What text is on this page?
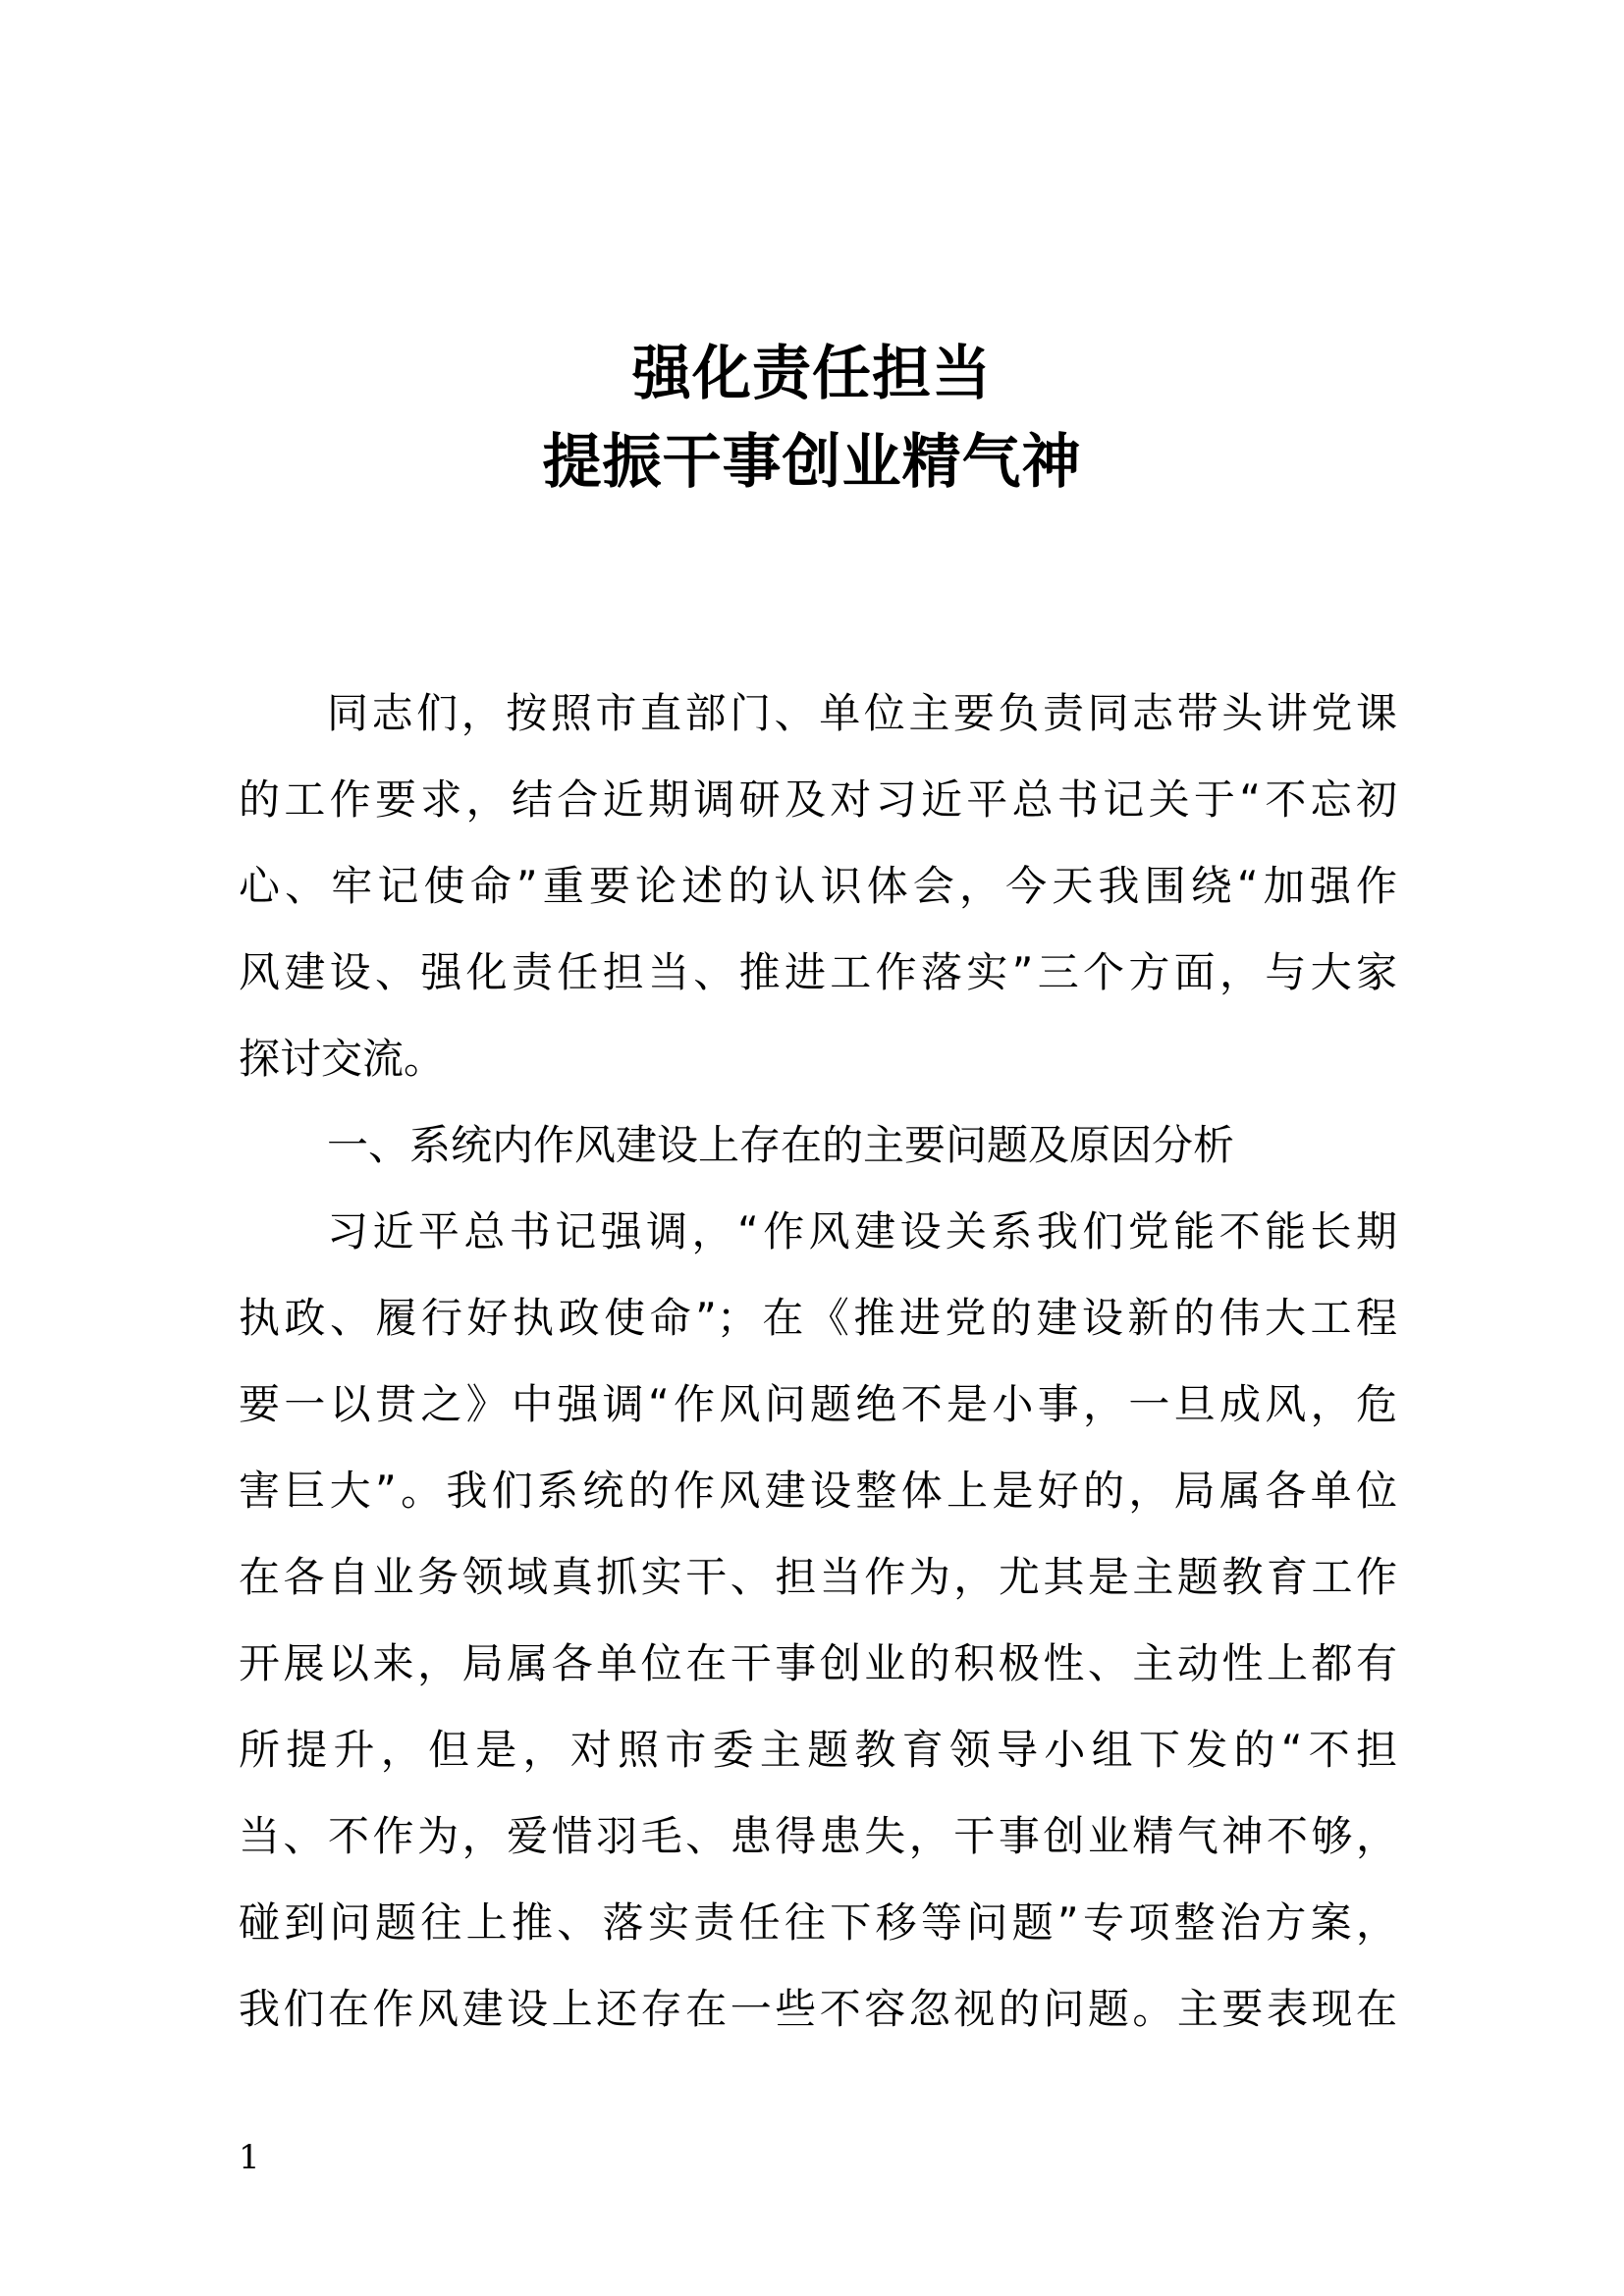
强化责任担当
提振干事创业精气神
同志们，按照市直部门、单位主要负责同志带头讲党课
的工作要求，结合近期调研及对习近平总书记关于“不忘初
心、牢记使命”重要论述的认识体会，今天我围绕“加强作
风建设、强化责任担当、推进工作落实”三个方面，与大家
探讨交流。
一、系统内作风建设上存在的主要问题及原因分析
习近平总书记强调，“作风建设关系我们党能不能长期
执政、履行好执政使命”；在《推进党的建设新的伟大工程
要一以贯之》中强调“作风问题绝不是小事，一旦成风，危
害巨大”。我们系统的作风建设整体上是好的，局属各单位
在各自业务领域真抓实干、担当作为，尤其是主题教育工作
开展以来，局属各单位在干事创业的积极性、主动性上都有
所提升，但是，对照市委主题教育领导小组下发的“不担
当、不作为，爱惜羽毛、患得患失，干事创业精气神不够，
碰到问题往上推、落实责任往下移等问题”专项整治方案，
我们在作风建设上还存在一些不容忽视的问题。主要表现在
1
